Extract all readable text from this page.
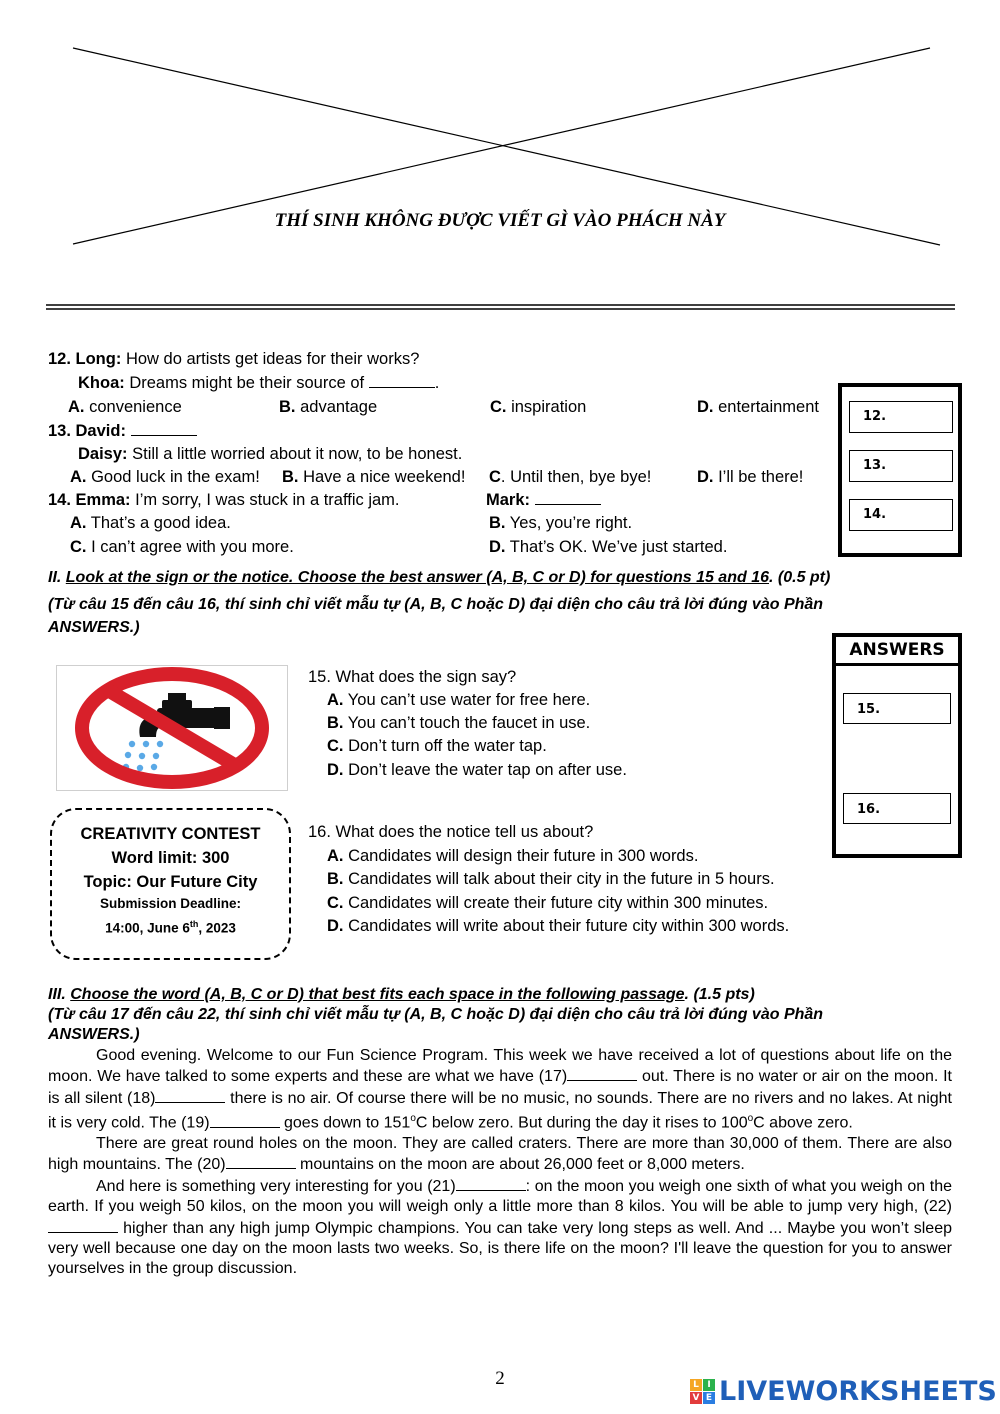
THÍ SINH KHÔNG ĐƯỢC VIẾT GÌ VÀO PHÁCH NÀY
12. Long: How do artists get ideas for their works?
Khoa: Dreams might be their source of	.
A. convenience	B. advantage	C. inspiration	D. entertainment
13. David:
Daisy: Still a little worried about it now, to be honest.
A. Good luck in the exam! B. Have a nice weekend! C. Until then, bye bye!	D. I’ll be there!
14. Emma: I’m sorry, I was stuck in a traffic jam.	Mark:
A. That’s a good idea.	B. Yes, you’re right.
C. I can’t agree with you more.	D. That’s OK. We’ve just started.
12.
13.
14.
II. Look at the sign or the notice. Choose the best answer (A, B, C or D) for questions 15 and 16. (0.5 pt)
(Từ câu 15 đến câu 16, thí sinh chỉ viết mẫu tự (A, B, C hoặc D) đại diện cho câu trả lời đúng vào Phần
ANSWERS.)
ANSWERS
15.
16.
15. What does the sign say?
A. You can’t use water for free here.
B. You can’t touch the faucet in use.
C. Don’t turn off the water tap.
D. Don’t leave the water tap on after use.
CREATIVITY CONTEST
Word limit: 300
Topic: Our Future City
Submission Deadline:
14:00, June 6th, 2023
16. What does the notice tell us about?
A. Candidates will design their future in 300 words.
B. Candidates will talk about their city in the future in 5 hours.
C. Candidates will create their future city within 300 minutes.
D. Candidates will write about their future city within 300 words.
III. Choose the word (A, B, C or D) that best fits each space in the following passage. (1.5 pts)
(Từ câu 17 đến câu 22, thí sinh chỉ viết mẫu tự (A, B, C hoặc D) đại diện cho câu trả lời đúng vào Phần
ANSWERS.)

Good evening. Welcome to our Fun Science Program. This week we have received a lot of questions about life on the moon. We have talked to some experts and these are what we have (17)	out. There is no water or air on the moon. It is all silent (18)	there is no air. Of course there will be no music, no sounds. There are no rivers and no lakes. At night it is very cold. The (19)	goes down to 151$^o$C below zero. But during the day it rises to 100$^o$C above zero.

There are great round holes on the moon. They are called craters. There are more than 30,000 of them. There are also high mountains. The (20)	mountains on the moon are about 26,000 feet or 8,000 meters.

And here is something very interesting for you (21)	: on the moon you weigh one sixth of what you weigh on the earth. If you weigh 50 kilos, on the moon you will weigh only a little more than 8 kilos. You will be able to jump very high, (22) higher than any high jump Olympic champions. You can take very long steps as well. And ... Maybe you won’t sleep very well because one day on the moon lasts two weeks. So, is there life on the moon? I'll leave the question for you to answer yourselves in the group discussion.

2	L I
V E LIVEWORKSHEETS
